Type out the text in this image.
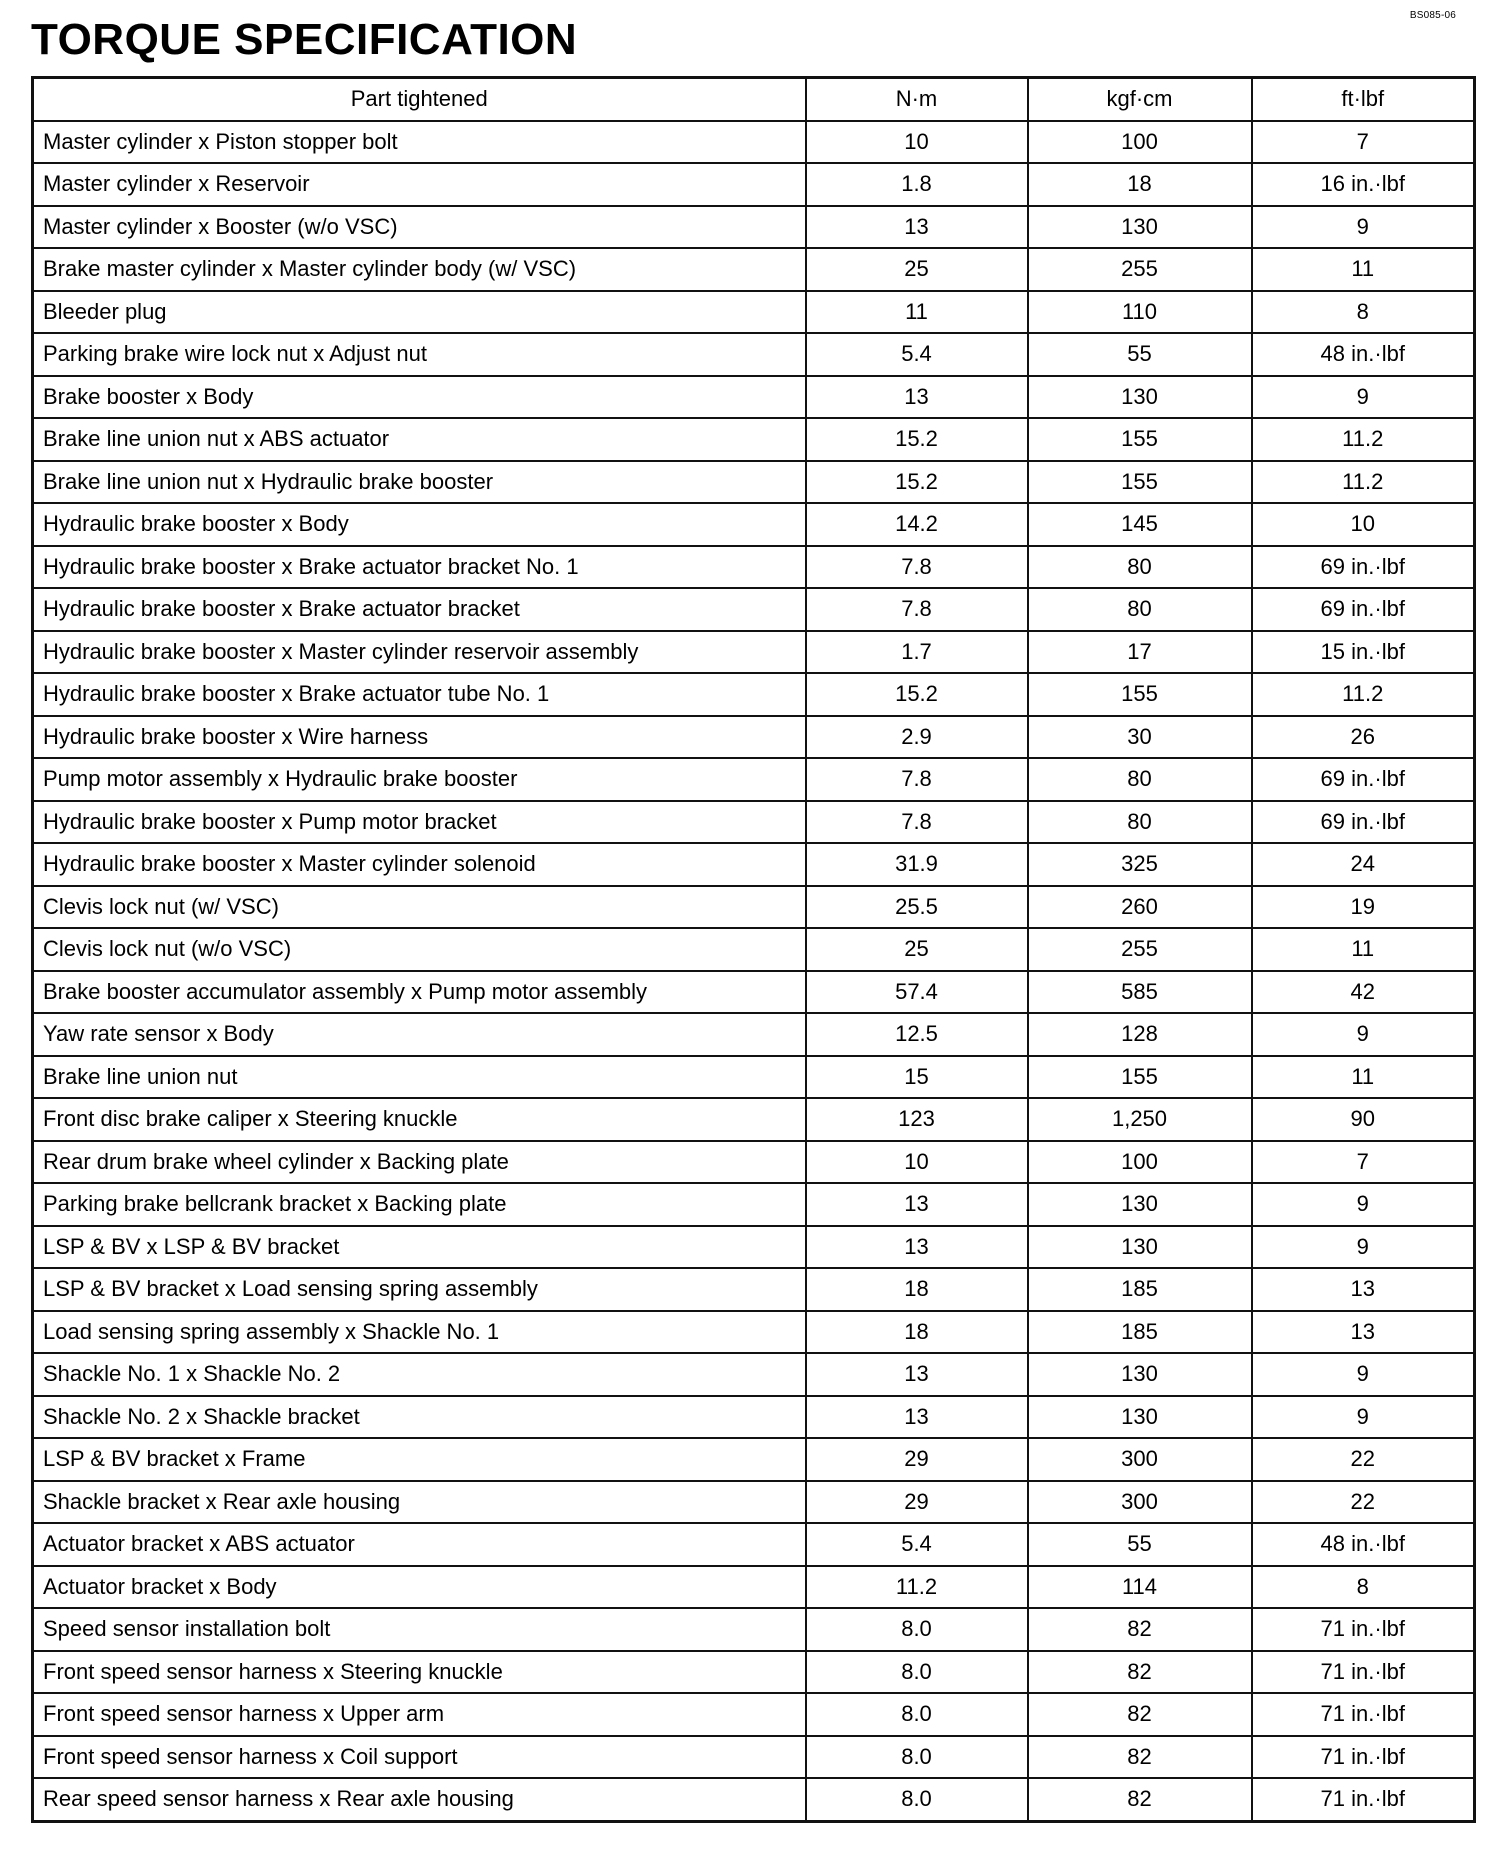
BS085-06
TORQUE SPECIFICATION
Part tightened	N·m	kgf·cm	ft·lbf
Master cylinder x Piston stopper bolt	10	100	7
Master cylinder x Reservoir	1.8	18	16 in.·lbf
Master cylinder x Booster (w/o VSC)	13	130	9
Brake master cylinder x Master cylinder body (w/ VSC)	25	255	11
Bleeder plug	11	110	8
Parking brake wire lock nut x Adjust nut	5.4	55	48 in.·lbf
Brake booster x Body	13	130	9
Brake line union nut x ABS actuator	15.2	155	11.2
Brake line union nut x Hydraulic brake booster	15.2	155	11.2
Hydraulic brake booster x Body	14.2	145	10
Hydraulic brake booster x Brake actuator bracket No. 1	7.8	80	69 in.·lbf
Hydraulic brake booster x Brake actuator bracket	7.8	80	69 in.·lbf
Hydraulic brake booster x Master cylinder reservoir assembly	1.7	17	15 in.·lbf
Hydraulic brake booster x Brake actuator tube No. 1	15.2	155	11.2
Hydraulic brake booster x Wire harness	2.9	30	26
Pump motor assembly x Hydraulic brake booster	7.8	80	69 in.·lbf
Hydraulic brake booster x Pump motor bracket	7.8	80	69 in.·lbf
Hydraulic brake booster x Master cylinder solenoid	31.9	325	24
Clevis lock nut (w/ VSC)	25.5	260	19
Clevis lock nut (w/o VSC)	25	255	11
Brake booster accumulator assembly x Pump motor assembly	57.4	585	42
Yaw rate sensor x Body	12.5	128	9
Brake line union nut	15	155	11
Front disc brake caliper x Steering knuckle	123	1,250	90
Rear drum brake wheel cylinder x Backing plate	10	100	7
Parking brake bellcrank bracket x Backing plate	13	130	9
LSP & BV x LSP & BV bracket	13	130	9
LSP & BV bracket x Load sensing spring assembly	18	185	13
Load sensing spring assembly x Shackle No. 1	18	185	13
Shackle No. 1 x Shackle No. 2	13	130	9
Shackle No. 2 x Shackle bracket	13	130	9
LSP & BV bracket x Frame	29	300	22
Shackle bracket x Rear axle housing	29	300	22
Actuator bracket x ABS actuator	5.4	55	48 in.·lbf
Actuator bracket x Body	11.2	114	8
Speed sensor installation bolt	8.0	82	71 in.·lbf
Front speed sensor harness x Steering knuckle	8.0	82	71 in.·lbf
Front speed sensor harness x Upper arm	8.0	82	71 in.·lbf
Front speed sensor harness x Coil support	8.0	82	71 in.·lbf
Rear speed sensor harness x Rear axle housing	8.0	82	71 in.·lbf
